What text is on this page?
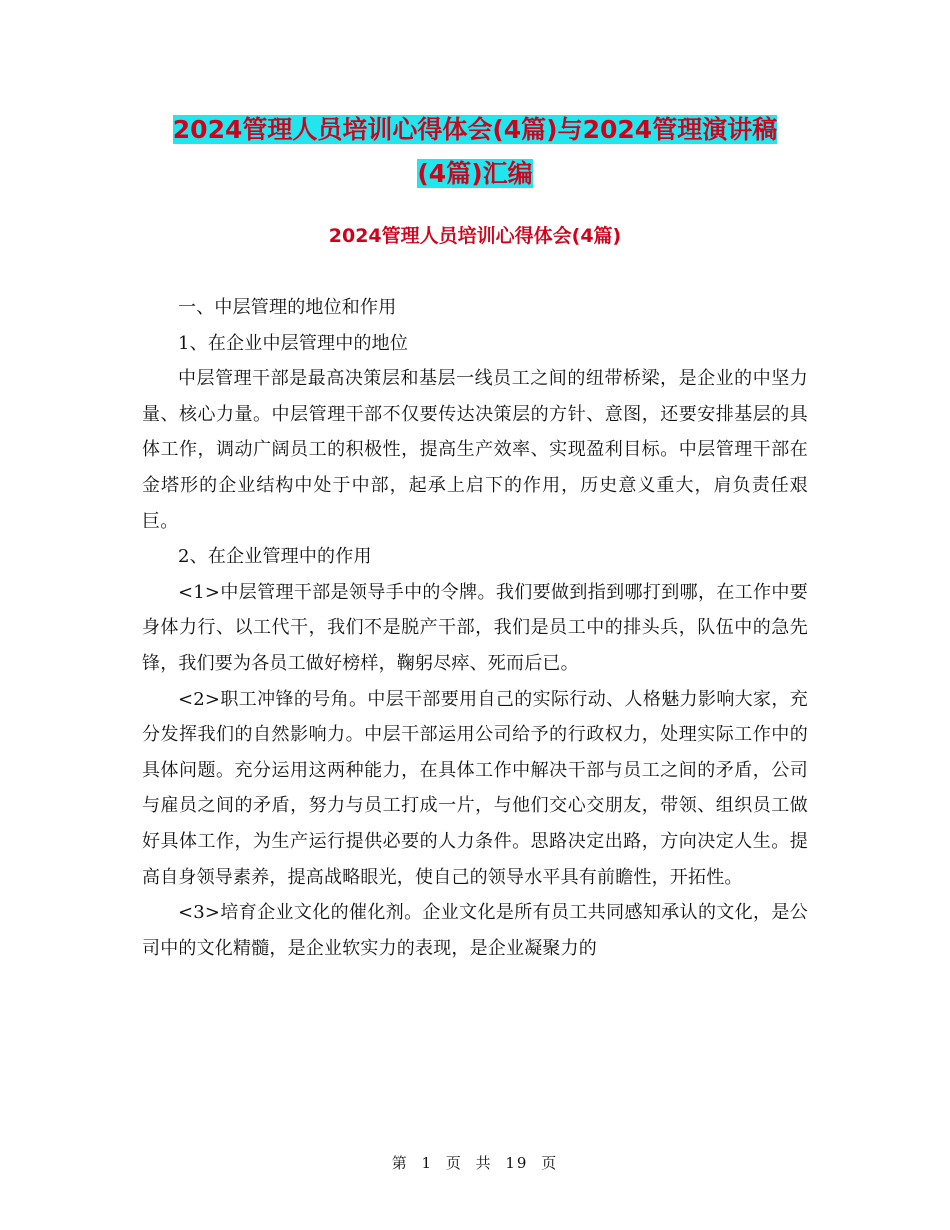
2024管理人员培训心得体会(4篇)与2024管理演讲稿
(4篇)汇编
2024管理人员培训心得体会(4篇)

一、中层管理的地位和作用

1、在企业中层管理中的地位

中层管理干部是最高决策层和基层一线员工之间的纽带桥梁，是企业的中坚力量、核心力量。中层管理干部不仅要传达决策层的方针、意图，还要安排基层的具体工作，调动广阔员工的积极性，提高生产效率、实现盈利目标。中层管理干部在金塔形的企业结构中处于中部，起承上启下的作用，历史意义重大，肩负责任艰巨。

2、在企业管理中的作用

<1>中层管理干部是领导手中的令牌。我们要做到指到哪打到哪，在工作中要身体力行、以工代干，我们不是脱产干部，我们是员工中的排头兵，队伍中的急先锋，我们要为各员工做好榜样，鞠躬尽瘁、死而后已。

<2>职工冲锋的号角。中层干部要用自己的实际行动、人格魅力影响大家，充分发挥我们的自然影响力。中层干部运用公司给予的行政权力，处理实际工作中的具体问题。充分运用这两种能力，在具体工作中解决干部与员工之间的矛盾，公司与雇员之间的矛盾，努力与员工打成一片，与他们交心交朋友，带领、组织员工做好具体工作，为生产运行提供必要的人力条件。思路决定出路，方向决定人生。提高自身领导素养，提高战略眼光，使自己的领导水平具有前瞻性，开拓性。

<3>培育企业文化的催化剂。企业文化是所有员工共同感知承认的文化，是公司中的文化精髓，是企业软实力的表现，是企业凝聚力的

第 1 页 共 19 页
